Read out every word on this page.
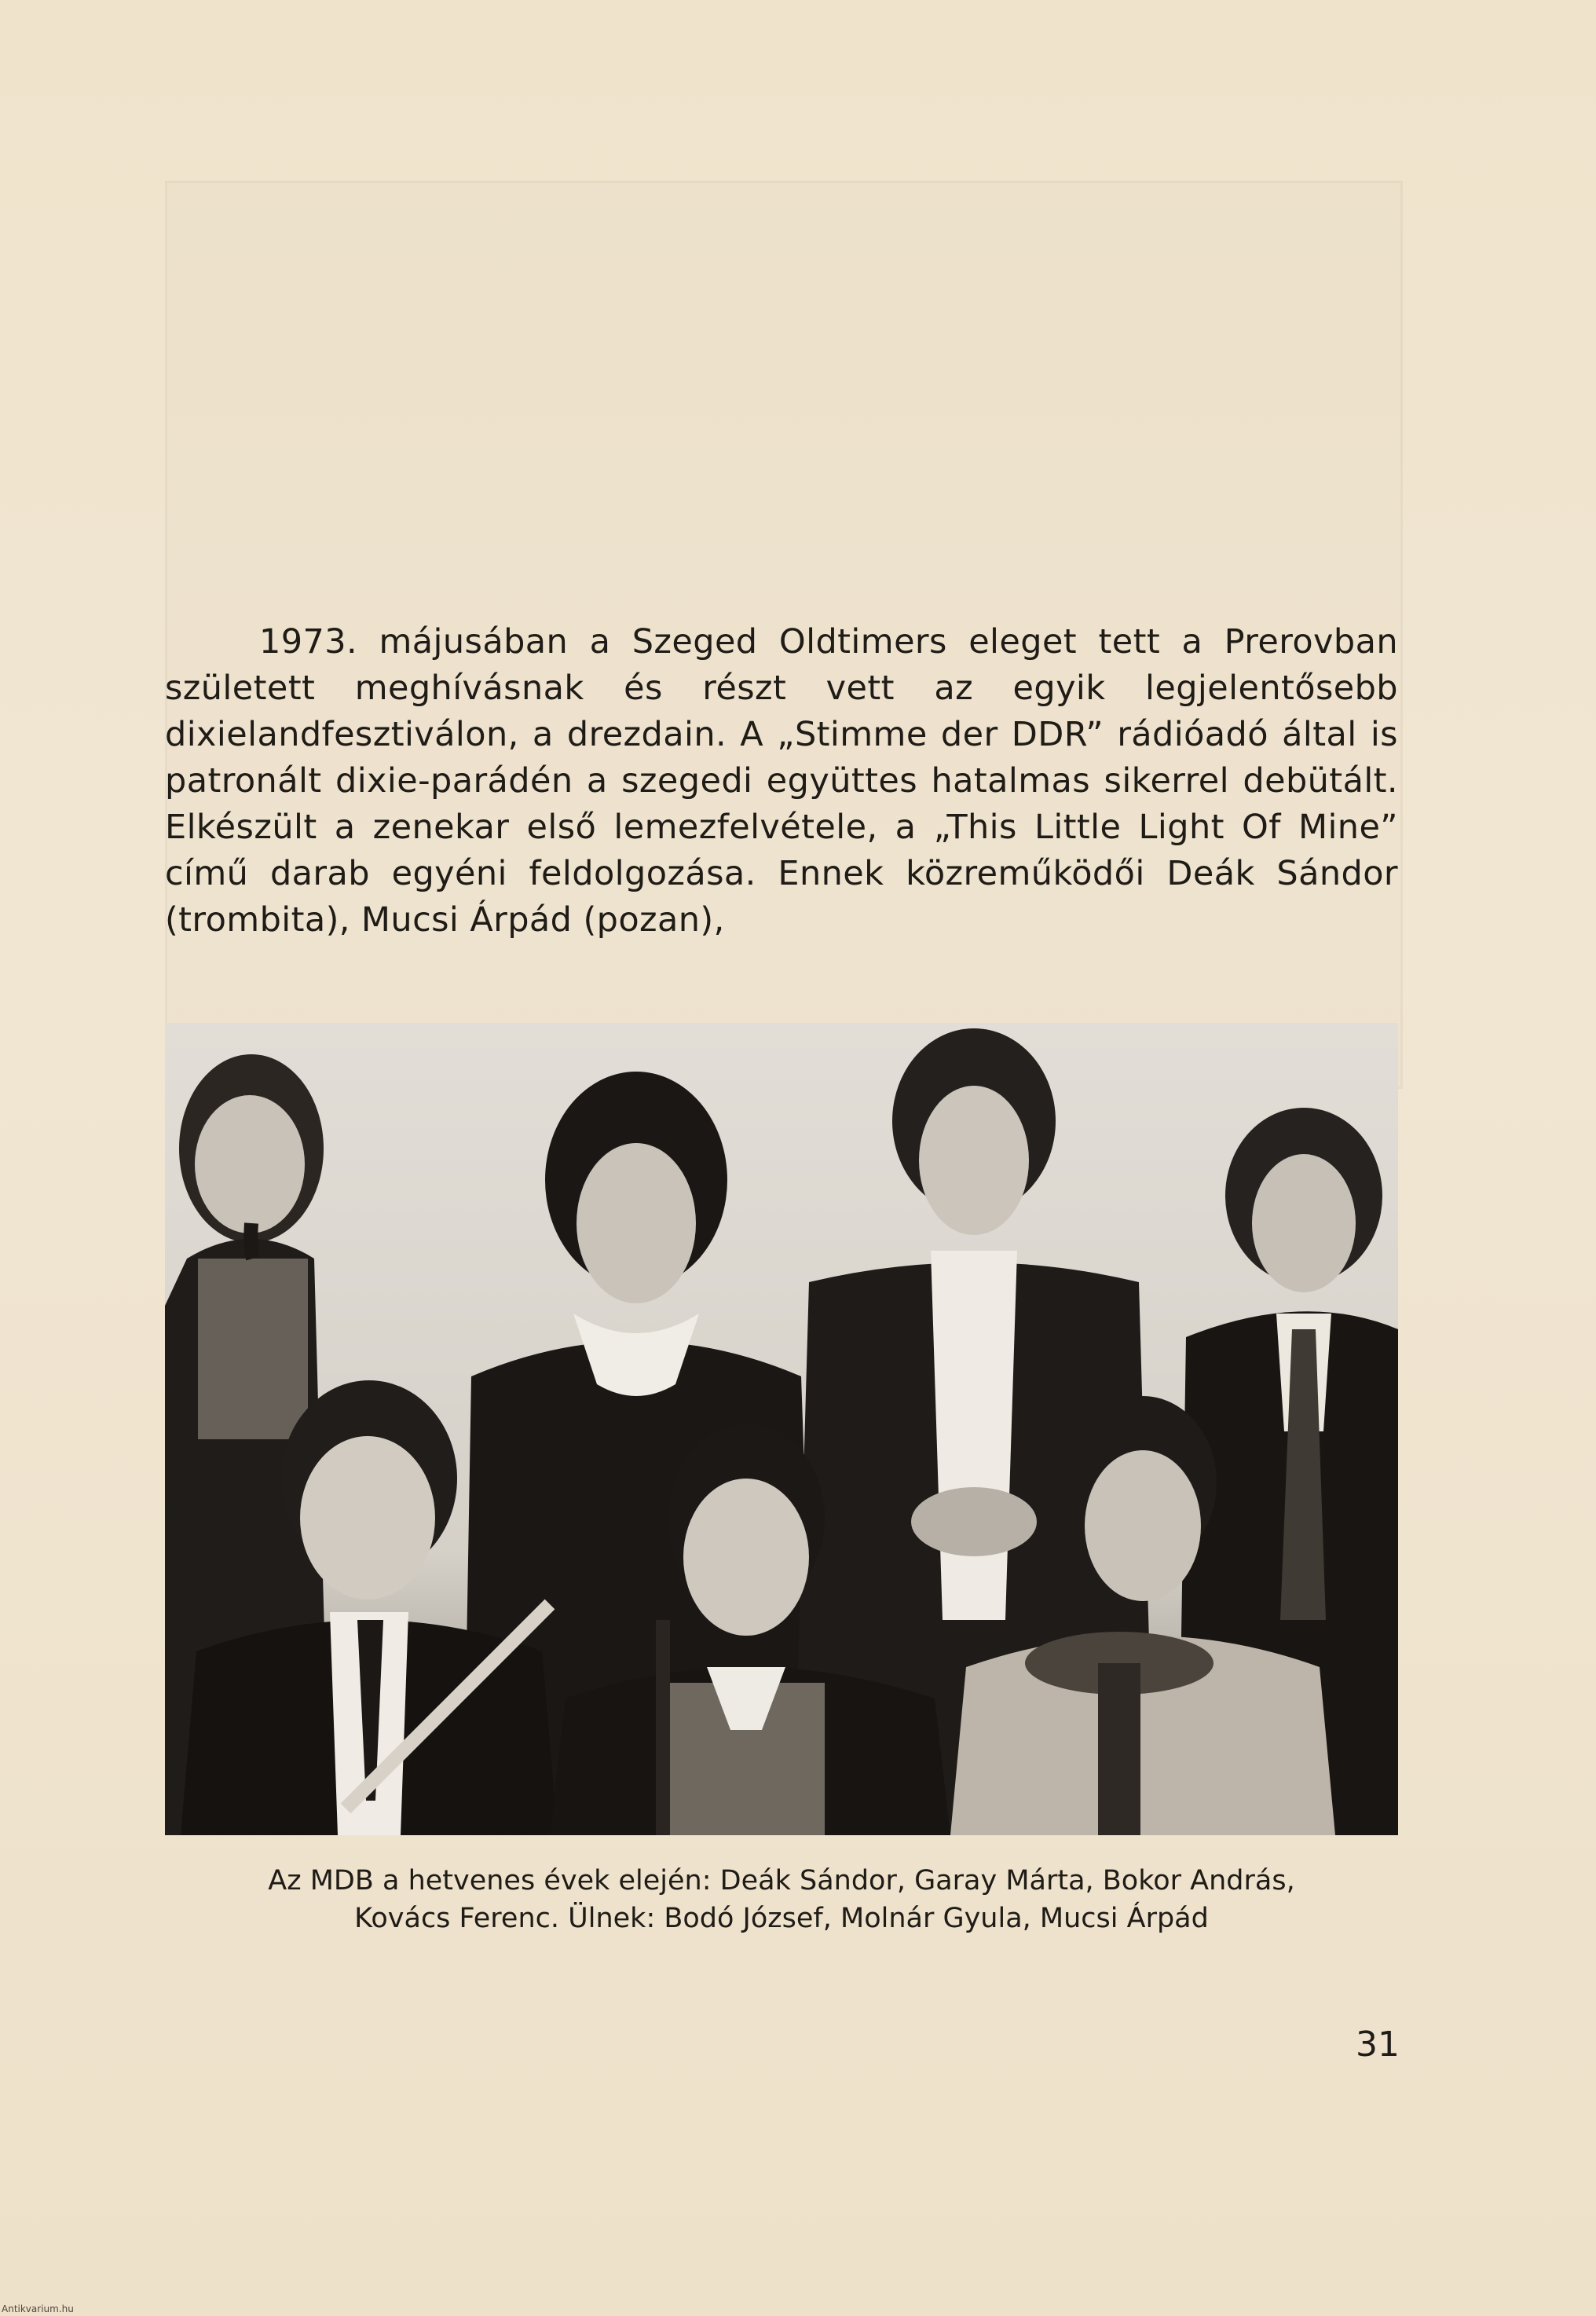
1973. májusában a Szeged Oldtimers eleget tett a Prerovban született meghívásnak és részt vett az egyik legjelentősebb dixielandfesztiválon, a drezdain. A „Stimme der DDR” rádióadó által is patronált dixie-parádén a szegedi együttes hatalmas sikerrel debütált. Elkészült a zenekar első lemezfelvétele, a „This Little Light Of Mine” című darab egyéni feldolgozása. Ennek közreműködői Deák Sándor (trombita), Mucsi Árpád (pozan),

Az MDB a hetvenes évek elején: Deák Sándor, Garay Márta, Bokor András,
Kovács Ferenc. Ülnek: Bodó József, Molnár Gyula, Mucsi Árpád

31
Antikvarium.hu
